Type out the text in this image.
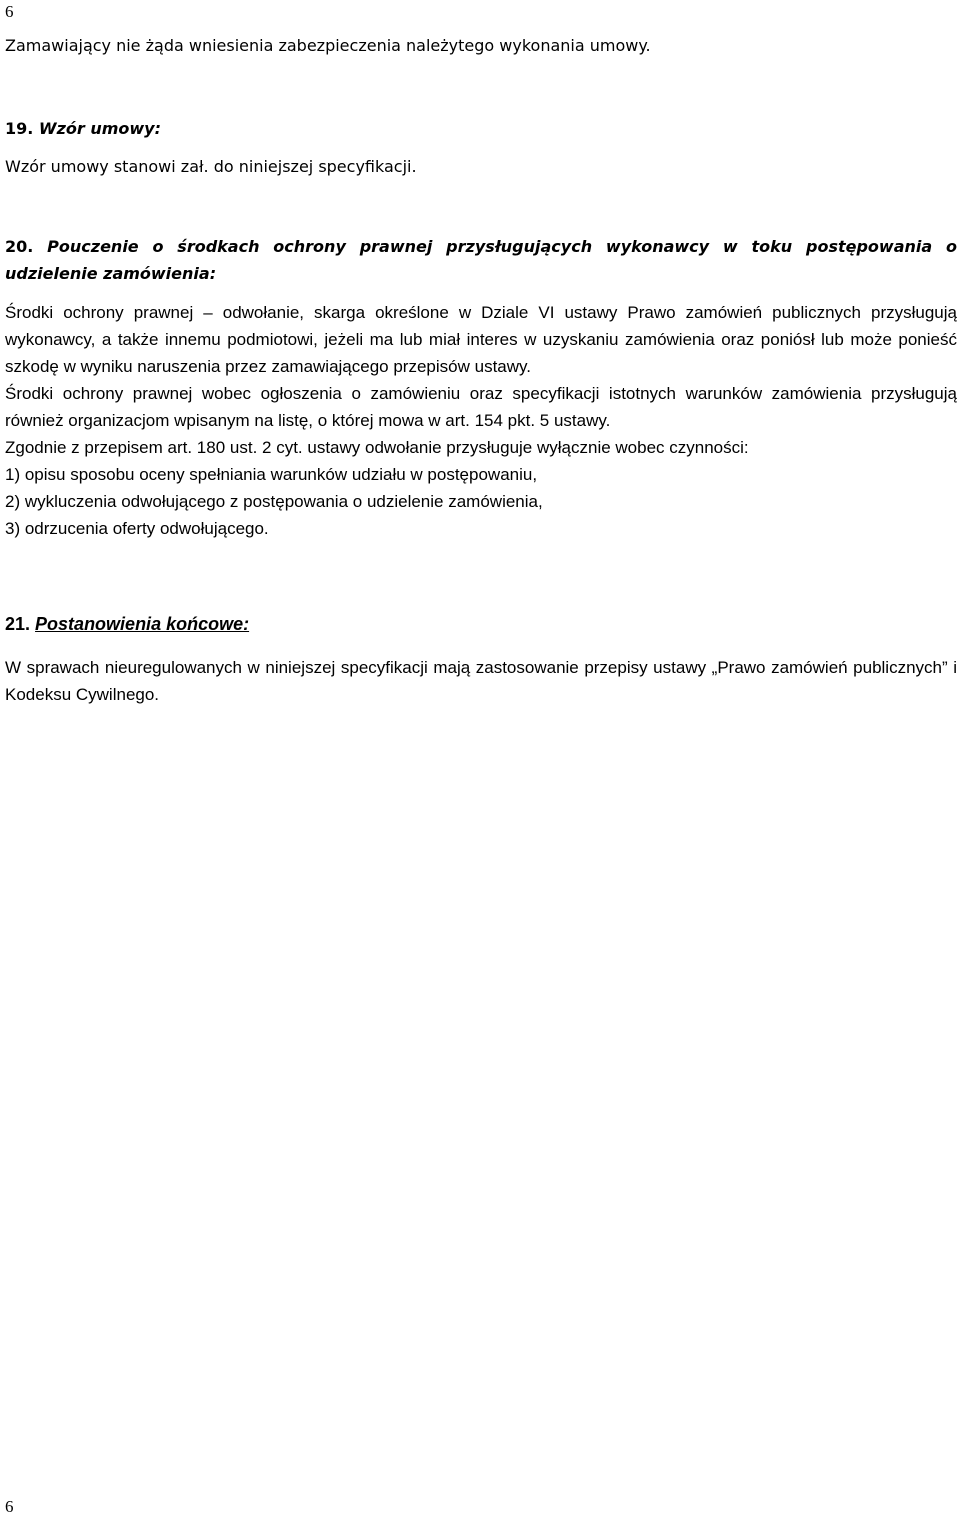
6
Zamawiający nie żąda wniesienia zabezpieczenia należytego wykonania umowy.
19. Wzór umowy:
Wzór umowy stanowi zał. do niniejszej specyfikacji.
20. Pouczenie o środkach ochrony prawnej przysługujących wykonawcy w toku postępowania o udzielenie zamówienia:
Środki ochrony prawnej – odwołanie, skarga określone w Dziale VI ustawy Prawo zamówień publicznych przysługują wykonawcy, a także innemu podmiotowi, jeżeli ma lub miał interes w uzyskaniu zamówienia oraz poniósł lub może ponieść szkodę w wyniku naruszenia przez zamawiającego przepisów ustawy.
Środki ochrony prawnej wobec ogłoszenia o zamówieniu oraz specyfikacji istotnych warunków zamówienia przysługują również organizacjom wpisanym na listę, o której mowa w art. 154 pkt. 5 ustawy.
Zgodnie z przepisem art. 180 ust. 2 cyt. ustawy odwołanie przysługuje wyłącznie wobec czynności:
1) opisu sposobu oceny spełniania warunków udziału w postępowaniu,
2) wykluczenia odwołującego z postępowania o udzielenie zamówienia,
3) odrzucenia oferty odwołującego.
21. Postanowienia końcowe:
W sprawach nieuregulowanych w niniejszej specyfikacji mają zastosowanie przepisy ustawy „Prawo zamówień publicznych” i Kodeksu Cywilnego.
6
